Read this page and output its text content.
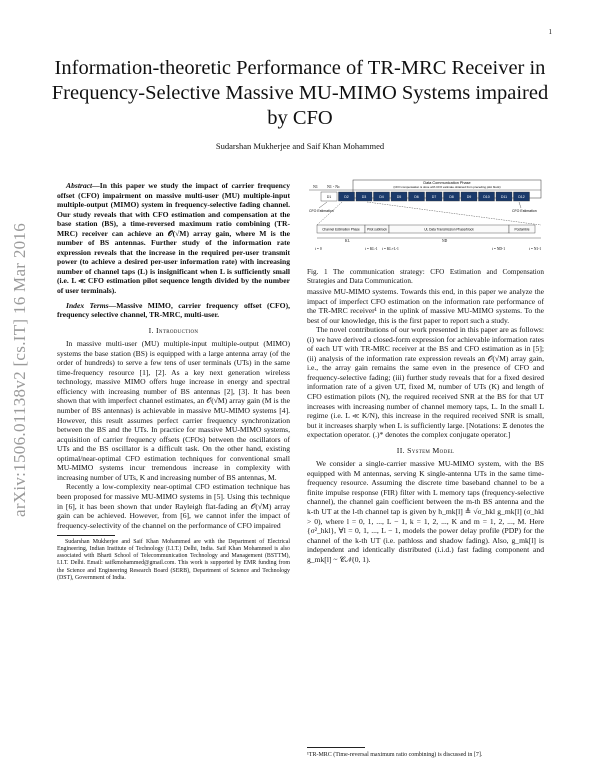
1
arXiv:1506.01138v2 [cs.IT] 16 Mar 2016
Information-theoretic Performance of TR-MRC Receiver in Frequency-Selective Massive MU-MIMO Systems impaired by CFO
Sudarshan Mukherjee and Saif Khan Mohammed

Abstract—In this paper we study the impact of carrier frequency offset (CFO) impairment on massive multi-user (MU) multiple-input multiple-output (MIMO) system in frequency-selective fading channel. Our study reveals that with CFO estimation and compensation at the base station (BS), a time-reversed maximum ratio combining (TR-MRC) receiver can achieve an 𝒪(√M) array gain, where M is the number of BS antennas. Further study of the information rate expression reveals that the increase in the required per-user transmit power (to achieve a desired per-user information rate) with increasing number of channel taps (L) is insignificant when L is sufficiently small (i.e. L ≪ CFO estimation pilot sequence length divided by the number of user terminals).

Index Terms—Massive MIMO, carrier frequency offset (CFO), frequency selective channel, TR-MRC, multi-user.

I. Introduction

In massive multi-user (MU) multiple-input multiple-output (MIMO) systems the base station (BS) is equipped with a large antenna array (of the order of hundreds) to serve a few tens of user terminals (UTs) in the same time-frequency resource [1], [2]. As a key next generation wireless technology, massive MIMO offers huge increase in energy and spectral efficiency with increasing number of BS antennas [2], [3]. It has been shown that with imperfect channel estimates, an 𝒪(√M) array gain (M is the number of BS antennas) is achievable in massive MU-MIMO systems [4]. However, this result assumes perfect carrier frequency synchronization between the BS and the UTs. In practice for massive MU-MIMO systems, acquisition of carrier frequency offsets (CFOs) between the oscillators of UTs and the BS oscillator is a difficult task. On the other hand, existing optimal/near-optimal CFO estimation techniques for conventional small MU-MIMO systems incur tremendous increase in complexity with increasing number of UTs, K and increasing number of BS antennas, M.

Recently a low-complexity near-optimal CFO estimation technique has been proposed for massive MU-MIMO systems in [5]. Using this technique in [6], it has been shown that under Rayleigh flat-fading an 𝒪(√M) array gain can be achieved. However, from [6], we cannot infer the impact of frequency-selectivity of the channel on the performance of CFO impaired

Sudarshan Mukherjee and Saif Khan Mohammed are with the Department of Electrical Engineering, Indian Institute of Technology (I.I.T.) Delhi, India. Saif Khan Mohammed is also associated with Bharti School of Telecommunication Technology and Management (BSTTM), I.I.T. Delhi. Email: saifkmohammed@gmail.com. This work is supported by EMR funding from the Science and Engineering Research Board (SERB), Department of Science and Technology (DST), Government of India.

Data Communication Phase
(CFO compensation is done with CFO estimate obtained from preceding pilot block)
N1 N1 - Nc
D1	D2	D3	D4	D5	D6	D7	D8	D9	D10	D11	D12
CFO Estimation	CFO Estimation
Channel Estimation Phase Pilot subblock	UL Data Transmission Phase/block	Postamble
t = 0
KL
t = KL-1 t = KL+L-1
ND
t = ND-1	t = N1-1
Fig. 1 The communication strategy: CFO Estimation and Compensation Strategies and Data Communication.

massive MU-MIMO systems. Towards this end, in this paper we analyze the impact of imperfect CFO estimation on the information rate performance of the TR-MRC receiver¹ in the uplink of massive MU-MIMO systems. To the best of our knowledge, this is the first paper to report such a study.

The novel contributions of our work presented in this paper are as follows: (i) we have derived a closed-form expression for achievable information rates of each UT with TR-MRC receiver at the BS and CFO estimation as in [5]; (ii) analysis of the information rate expression reveals an 𝒪(√M) array gain, i.e., the array gain remains the same even in the presence of CFO and frequency-selective fading; (iii) further study reveals that for a fixed desired information rate of a given UT, fixed M, number of UTs (K) and length of CFO estimation pilots (N), the required received SNR at the BS for that UT increases with increasing number of channel memory taps, L. In the small L regime (i.e. L ≪ K/N), this increase in the required received SNR is small, but it increases sharply when L is sufficiently large. [Notations: 𝔼 denotes the expectation operator. (.)* denotes the complex conjugate operator.]

II. System Model

We consider a single-carrier massive MU-MIMO system, with the BS equipped with M antennas, serving K single-antenna UTs in the same time-frequency resource. Assuming the discrete time baseband channel to be a finite impulse response (FIR) filter with L memory taps (frequency-selective channel), the channel gain coefficient between the m-th BS antenna and the k-th UT at the l-th channel tap is given by h_mk[l] ≜ √σ_hkl g_mk[l] (σ_hkl > 0), where l = 0, 1, ..., L − 1, k = 1, 2, ..., K and m = 1, 2, ..., M. Here {σ²_hkl}, ∀l = 0, 1, ..., L − 1, models the power delay profile (PDP) for the channel of the k-th UT (i.e. pathloss and shadow fading). Also, g_mk[l] is independent and identically distributed (i.i.d.) fast fading component and g_mk[l] ~ 𝒞𝒩(0, 1).

¹TR-MRC (Time-reversal maximum ratio combining) is discussed in [7].
